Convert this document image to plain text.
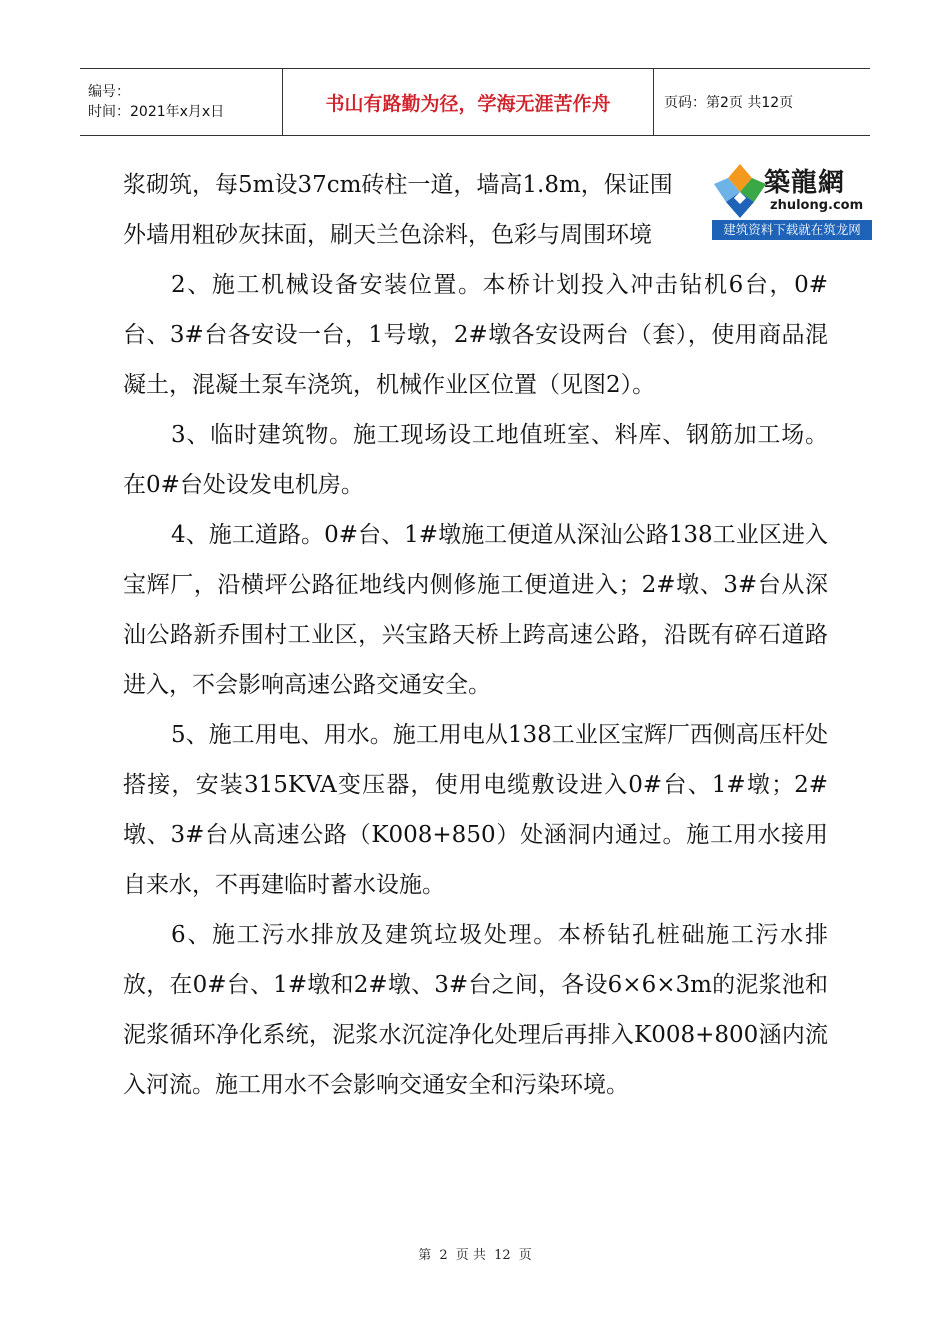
编号：
时间：2021年x月x日	书山有路勤为径，学海无涯苦作舟	页码：第2页 共12页
築龍網
zhulong.com
建筑资料下载就在筑龙网

浆砌筑，每5m设37cm砖柱一道，墙高1.8m，保证围

外墙用粗砂灰抹面，刷天兰色涂料，色彩与周围环境

2、施工机械设备安装位置。本桥计划投入冲击钻机6台，0#台、3#台各安设一台，1号墩，2#墩各安设两台（套），使用商品混凝土，混凝土泵车浇筑，机械作业区位置（见图2）。

3、临时建筑物。施工现场设工地值班室、料库、钢筋加工场。在0#台处设发电机房。

4、施工道路。0#台、1#墩施工便道从深汕公路138工业区进入宝辉厂，沿横坪公路征地线内侧修施工便道进入；2#墩、3#台从深汕公路新乔围村工业区，兴宝路天桥上跨高速公路，沿既有碎石道路进入，不会影响高速公路交通安全。

5、施工用电、用水。施工用电从138工业区宝辉厂西侧高压杆处搭接，安装315KVA变压器，使用电缆敷设进入0#台、1#墩；2#墩、3#台从高速公路（K008+850）处涵洞内通过。施工用水接用自来水，不再建临时蓄水设施。

6、施工污水排放及建筑垃圾处理。本桥钻孔桩础施工污水排放，在0#台、1#墩和2#墩、3#台之间，各设6×6×3m的泥浆池和泥浆循环净化系统，泥浆水沉淀净化处理后再排入K008+800涵内流入河流。施工用水不会影响交通安全和污染环境。

第 2 页 共 12 页
